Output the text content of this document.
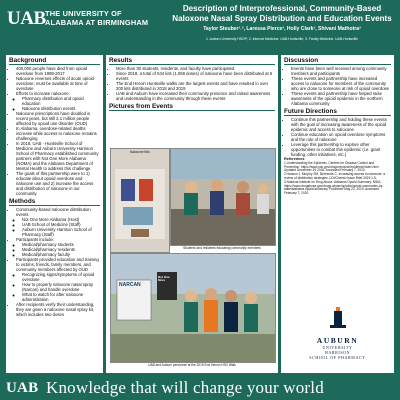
UAB THE UNIVERSITY OF
ALABAMA AT BIRMINGHAM
Description of Interprofessional, Community-Based Naloxone Nasal Spray Distribution and Education Events
Taylor Steuber¹˒², Laressa Pierce², Holly Clark¹, Shivani Mathotra³
1. Auburn University HSOP; 2. Internal Medicine, UAB-Huntsville; 3. Family Medicine, UAB-Huntsville
Background
• 400,000 people have died from opioid overdose from 1999-2017
• Naloxone reverses effects of acute opioid overdose; must be available at time of overdose
• Efforts to increase naloxone:
◦ Pharmacy distribution and opioid education
◦ Naloxone distribution events
• Naloxone prescriptions have doubled in recent years, but still 2.1 million people affected by opioid use disorder (OUD)
• In Alabama, overdose-related deaths increase while access to naloxone remains challenging
• In 2018, UAB - Huntsville School of Medicine and Auburn University Harrison School of Pharmacy established community partners with Not One More Alabama (NOMA) and the Alabama Department of Mental Health to address this challenge
• The goals of this partnership were to 1) educate about opioid overdose and naloxone use and 2) increase the access and distribution of naloxone in our community.
Methods
• Community-based naloxone distribution events
◦ Not One More Alabama (Host)
◦ UAB School of Medicine (Staff)
◦ Auburn University Harrison School of Pharmacy (Staff)
• Participants include:
◦ Medical/pharmacy students
◦ Medical/pharmacy residents
◦ Medical/pharmacy faculty
• Participants provided education and training to victims, friends, family members, and community members affected by OUD
◦ Recognizing signs/symptoms of opioid overdose
◦ How to properly naloxone nasal spray (Narcan) and handle overdose
◦ What to watch for after naloxone administration
• After recipients verify their understanding, they are given a naloxone nasal spray kit, which includes two doses
Results
• More than 30 students, residents, and faculty have participated
• Since 2018, a total of 534 kits (1,068 doses) of naloxone have been distributed at 5 events
• The End Heroin Huntsville walks are the largest events and have resulted in over 200 kits distributed in 2018 and 2019
• UAB and Auburn have increased their community presence and raised awareness and understanding in the community through these events
Pictures from Events
Naloxone Kits
Students and residents educating community members
NARCAN
Not One More
UAB and Auburn personnel at the 2019 End Heroin HSV Walk
Discussion
• Events have been well received among community members and participants
• These events and partnership have increased access to naloxone for members of the community who are close to someone at risk of opioid overdose
• These events and partnership have helped raise awareness of the opioid epidemic in the northern Alabama community
Future Directions
• Continue this partnership and holding these events with the goal of increasing awareness of the opioid epidemic and access to naloxone
• Continue education on opioid overdose symptoms and the role of naloxone
• Leverage this partnership to explore other opportunities to combat this epidemic (i.e. grant funding, other initiatives, etc.)
References
1.Understanding the Epidemic. Centers for Disease Control and Prevention. https://www.cdc.gov/drugoverdose/epidemic/index.html Updated December 19 2018. Accessed February 7, 2020.
2.Hanson J, Murphy SM, Behrends C. Increasing access to naloxone: a review of distribution strategies. LDI/Cherish Issue Brief 2019:1-5.
3.National Institute on Drug Abuse. Alabama Opioid Summary. NIDA. https://www.drugabuse.gov/drugs-abuse/opioids/opioid-summaries-by-state/alabama-opioid-summary. Published May 22, 2019. Accessed February 7, 2020.
AUBURN
UNIVERSITY
HARRISON
SCHOOL OF PHARMACY
UAB Knowledge that will change your world
